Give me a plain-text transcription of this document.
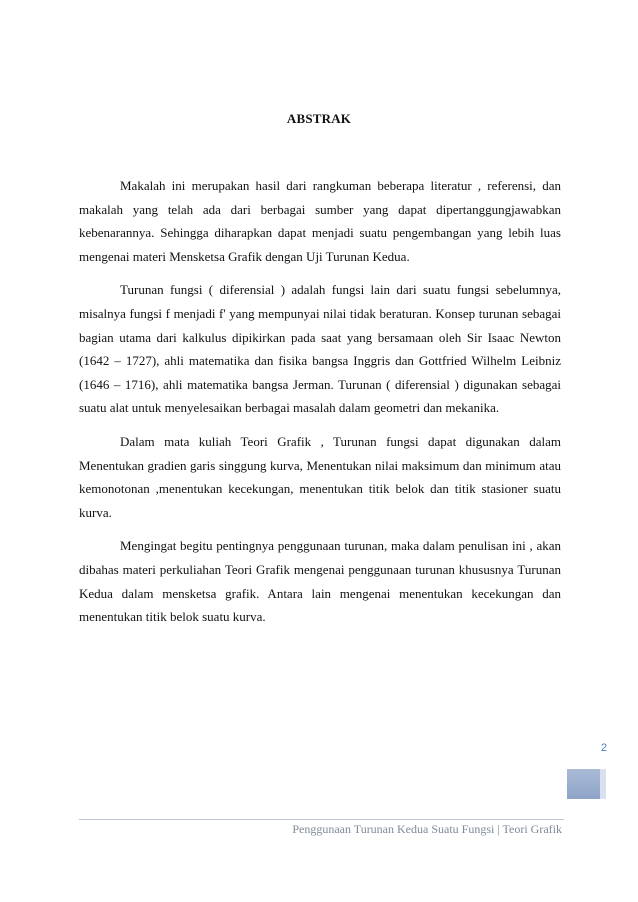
ABSTRAK

Makalah ini merupakan hasil dari rangkuman beberapa literatur , referensi, dan makalah yang telah ada dari berbagai sumber yang dapat dipertanggungjawabkan kebenarannya. Sehingga diharapkan dapat menjadi suatu pengembangan yang lebih luas mengenai materi Mensketsa Grafik dengan Uji Turunan Kedua.

Turunan fungsi ( diferensial ) adalah fungsi lain dari suatu fungsi sebelumnya, misalnya fungsi f menjadi f' yang mempunyai nilai tidak beraturan. Konsep turunan sebagai bagian utama dari kalkulus dipikirkan pada saat yang bersamaan oleh Sir Isaac Newton (1642 – 1727), ahli matematika dan fisika bangsa Inggris dan Gottfried Wilhelm Leibniz (1646 – 1716), ahli matematika bangsa Jerman. Turunan ( diferensial ) digunakan sebagai suatu alat untuk menyelesaikan berbagai masalah dalam geometri dan mekanika.

Dalam mata kuliah Teori Grafik , Turunan fungsi dapat digunakan dalam Menentukan gradien garis singgung kurva, Menentukan nilai maksimum dan minimum atau kemonotonan ,menentukan kecekungan, menentukan titik belok dan titik stasioner suatu kurva.

Mengingat begitu pentingnya penggunaan turunan, maka dalam penulisan ini , akan dibahas materi perkuliahan Teori Grafik mengenai penggunaan turunan khususnya Turunan Kedua dalam mensketsa grafik. Antara lain mengenai menentukan kecekungan dan menentukan titik belok suatu kurva.

2
Penggunaan Turunan Kedua Suatu Fungsi | Teori Grafik
